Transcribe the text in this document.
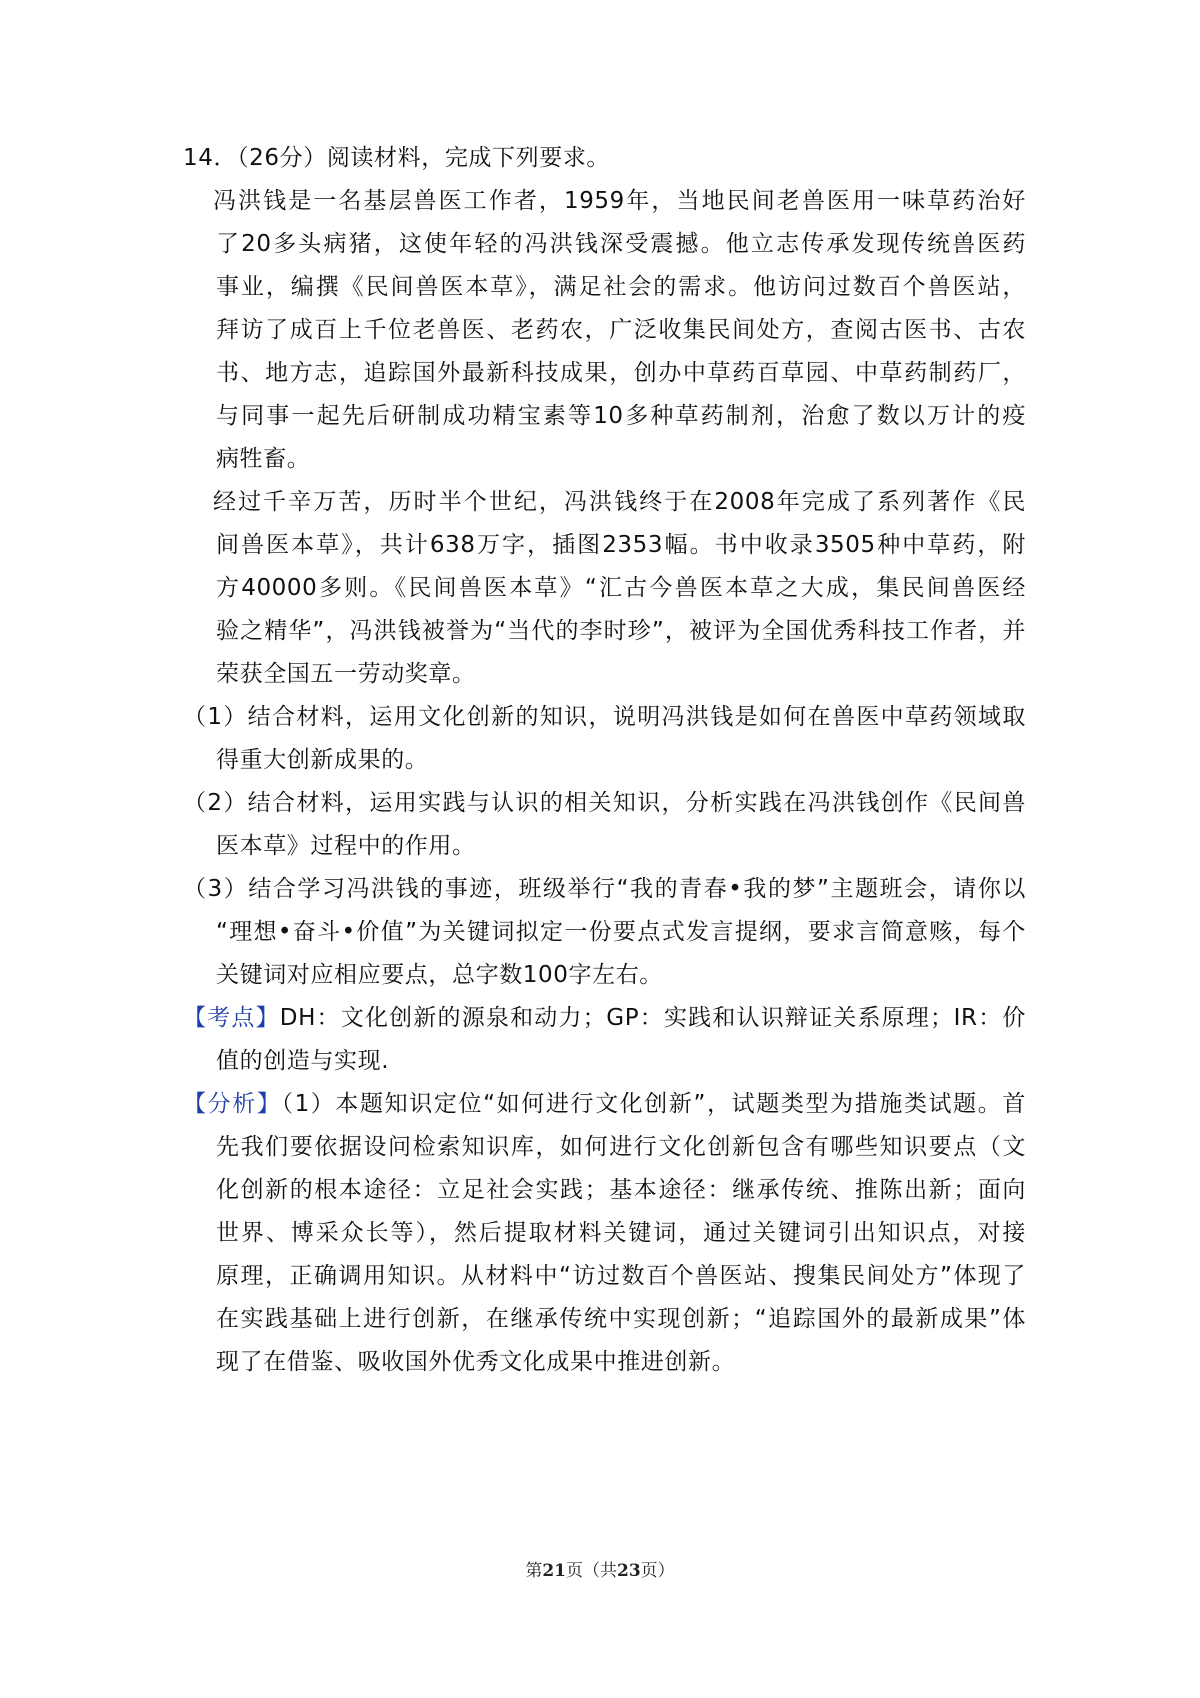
14．（26分）阅读材料，完成下列要求。

冯洪钱是一名基层兽医工作者，1959年，当地民间老兽医用一味草药治好

了20多头病猪，这使年轻的冯洪钱深受震撼。他立志传承发现传统兽医药

事业，编撰《民间兽医本草》，满足社会的需求。他访问过数百个兽医站，

拜访了成百上千位老兽医、老药农，广泛收集民间处方，查阅古医书、古农

书、地方志，追踪国外最新科技成果，创办中草药百草园、中草药制药厂，

与同事一起先后研制成功精宝素等10多种草药制剂，治愈了数以万计的疫

病牲畜。

经过千辛万苦，历时半个世纪，冯洪钱终于在2008年完成了系列著作《民

间兽医本草》，共计638万字，插图2353幅。书中收录3505种中草药，附

方40000多则。《民间兽医本草》“汇古今兽医本草之大成，集民间兽医经

验之精华”，冯洪钱被誉为“当代的李时珍”，被评为全国优秀科技工作者，并

荣获全国五一劳动奖章。

（1）结合材料，运用文化创新的知识，说明冯洪钱是如何在兽医中草药领域取

得重大创新成果的。

（2）结合材料，运用实践与认识的相关知识，分析实践在冯洪钱创作《民间兽

医本草》过程中的作用。

（3）结合学习冯洪钱的事迹，班级举行“我的青春•我的梦”主题班会，请你以

“理想•奋斗•价值”为关键词拟定一份要点式发言提纲，要求言简意赅，每个

关键词对应相应要点，总字数100字左右。

【考点】DH：文化创新的源泉和动力；GP：实践和认识辩证关系原理；IR：价

值的创造与实现.

【分析】（1）本题知识定位“如何进行文化创新”，试题类型为措施类试题。首

先我们要依据设问检索知识库，如何进行文化创新包含有哪些知识要点（文

化创新的根本途径：立足社会实践；基本途径：继承传统、推陈出新；面向

世界、博采众长等），然后提取材料关键词，通过关键词引出知识点，对接

原理，正确调用知识。从材料中“访过数百个兽医站、搜集民间处方”体现了

在实践基础上进行创新，在继承传统中实现创新；“追踪国外的最新成果”体

现了在借鉴、吸收国外优秀文化成果中推进创新。

第21页（共23页）
